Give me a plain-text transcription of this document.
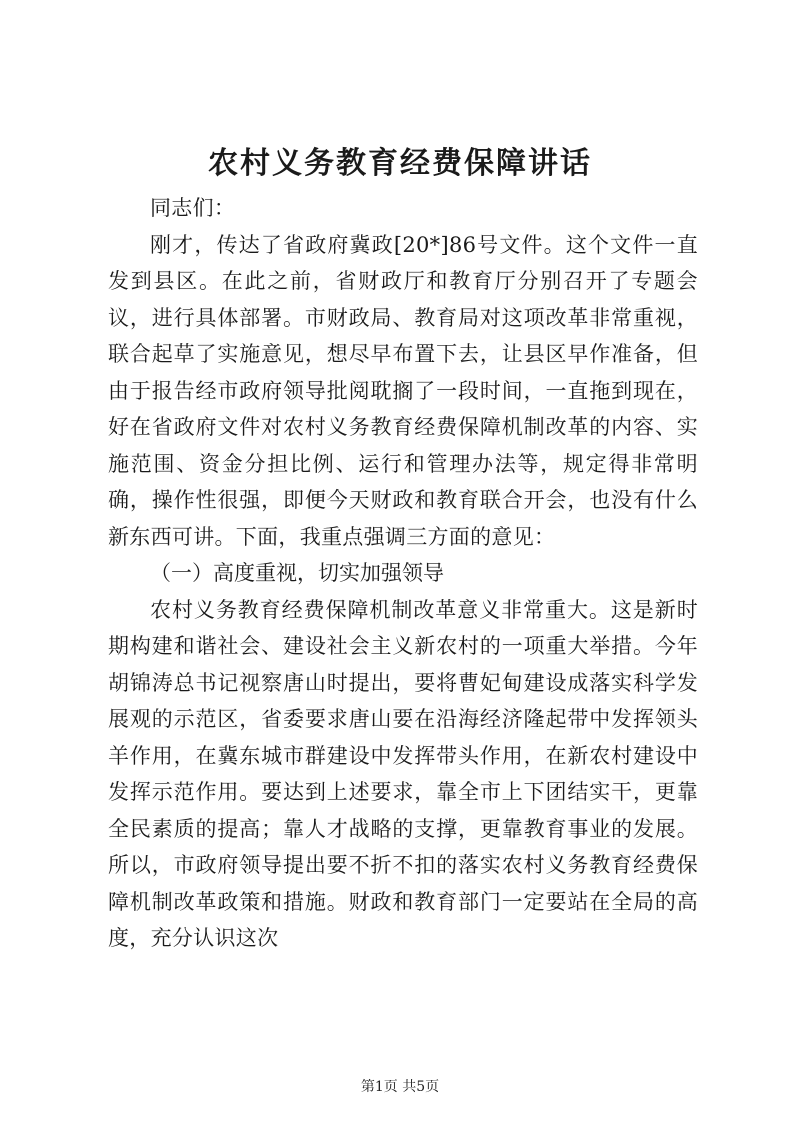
农村义务教育经费保障讲话

同志们：

刚才，传达了省政府冀政[20*]86号文件。这个文件一直发到县区。在此之前，省财政厅和教育厅分别召开了专题会议，进行具体部署。市财政局、教育局对这项改革非常重视，联合起草了实施意见，想尽早布置下去，让县区早作准备，但由于报告经市政府领导批阅耽搁了一段时间，一直拖到现在，好在省政府文件对农村义务教育经费保障机制改革的内容、实施范围、资金分担比例、运行和管理办法等，规定得非常明确，操作性很强，即便今天财政和教育联合开会，也没有什么新东西可讲。下面，我重点强调三方面的意见：

（一）高度重视，切实加强领导

农村义务教育经费保障机制改革意义非常重大。这是新时期构建和谐社会、建设社会主义新农村的一项重大举措。今年胡锦涛总书记视察唐山时提出，要将曹妃甸建设成落实科学发展观的示范区，省委要求唐山要在沿海经济隆起带中发挥领头羊作用，在冀东城市群建设中发挥带头作用，在新农村建设中发挥示范作用。要达到上述要求，靠全市上下团结实干，更靠全民素质的提高；靠人才战略的支撑，更靠教育事业的发展。所以，市政府领导提出要不折不扣的落实农村义务教育经费保障机制改革政策和措施。财政和教育部门一定要站在全局的高度，充分认识这次

第1页 共5页
